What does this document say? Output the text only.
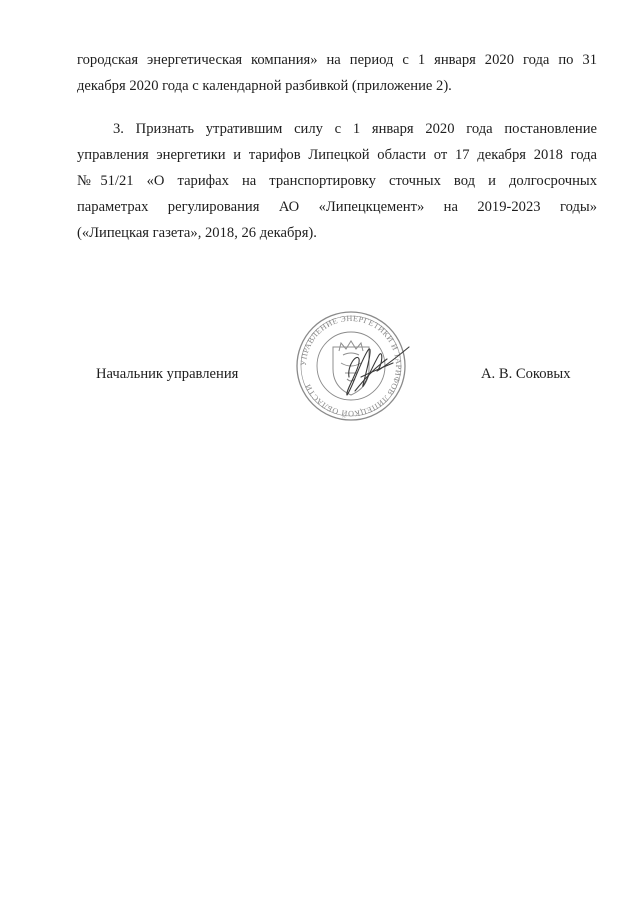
городская энергетическая компания» на период с 1 января 2020 года по 31
декабря 2020 года с календарной разбивкой (приложение 2).

3. Признать утратившим силу с 1 января 2020 года постановление
управления энергетики и тарифов Липецкой области от 17 декабря 2018 года
№51/21 «О тарифах на транспортировку сточных вод и долгосрочных
параметрах регулирования АО «Липецкцемент» на 2019-2023 годы»
(«Липецкая газета», 2018, 26 декабря).

Начальник управления
УПРАВЛЕНИЕ ЭНЕРГЕТИКИ И ТАРИФОВ ЛИПЕЦКОЙ ОБЛАСТИ
А. В. Соковых
